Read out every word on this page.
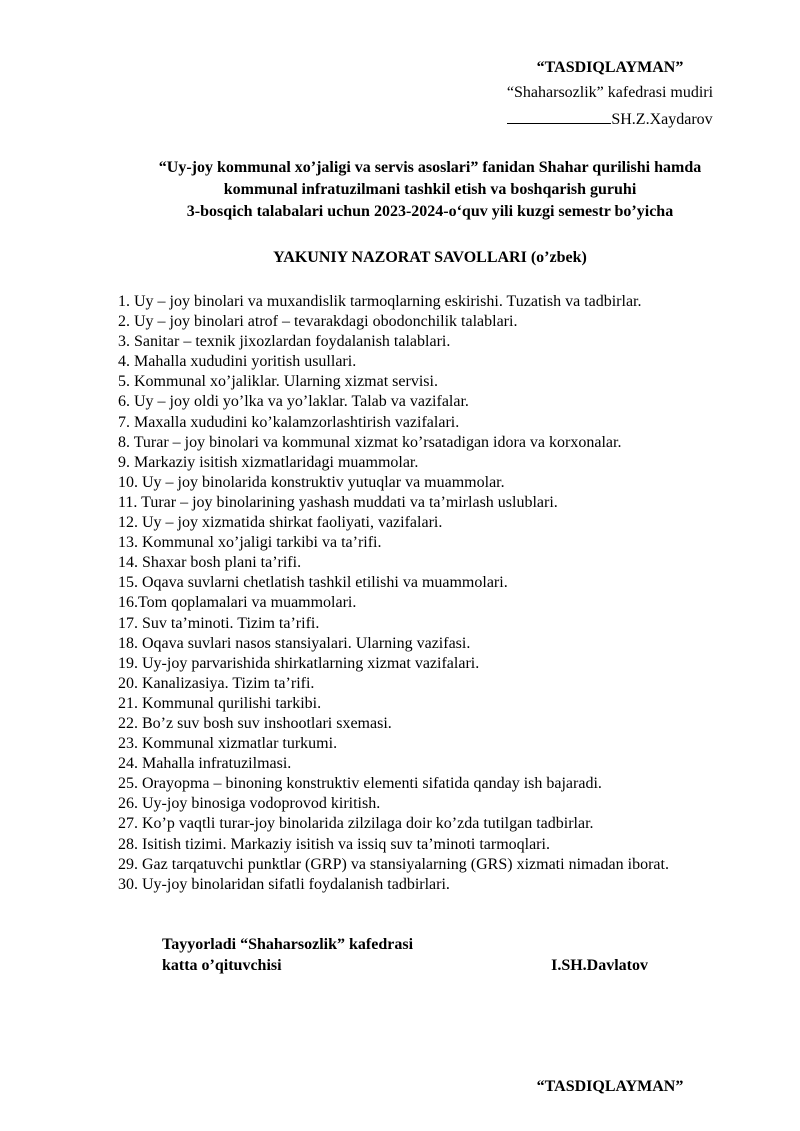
“TASDIQLAYMAN”
“Shaharsozlik” kafedrasi mudiri
SH.Z.Xaydarov
“Uy-joy kommunal xo’jaligi va servis asoslari” fanidan Shahar qurilishi hamda
kommunal infratuzilmani tashkil etish va boshqarish guruhi
3-bosqich talabalari uchun 2023-2024-o‘quv yili kuzgi semestr bo’yicha
YAKUNIY NAZORAT SAVOLLARI (o’zbek)
1. Uy – joy binolari va muxandislik tarmoqlarning eskirishi. Tuzatish va tadbirlar.
2. Uy – joy binolari atrof – tevarakdagi obodonchilik talablari.
3. Sanitar – texnik jixozlardan foydalanish talablari.
4. Mahalla xududini yoritish usullari.
5. Kommunal xo’jaliklar. Ularning xizmat servisi.
6. Uy – joy oldi yo’lka va yo’laklar. Talab va vazifalar.
7. Maxalla xududini ko’kalamzorlashtirish vazifalari.
8. Turar – joy binolari va kommunal xizmat ko’rsatadigan idora va korxonalar.
9. Markaziy isitish xizmatlaridagi muammolar.
10. Uy – joy binolarida konstruktiv yutuqlar va muammolar.
11. Turar – joy binolarining yashash muddati va ta’mirlash uslublari.
12. Uy – joy xizmatida shirkat faoliyati, vazifalari.
13. Kommunal xo’jaligi tarkibi va ta’rifi.
14. Shaxar bosh plani ta’rifi.
15. Oqava suvlarni chetlatish tashkil etilishi va muammolari.
16.Tom qoplamalari va muammolari.
17. Suv ta’minoti. Tizim ta’rifi.
18. Oqava suvlari nasos stansiyalari. Ularning vazifasi.
19. Uy-joy parvarishida shirkatlarning xizmat vazifalari.
20. Kanalizasiya. Tizim ta’rifi.
21. Kommunal qurilishi tarkibi.
22. Bo’z suv bosh suv inshootlari sxemasi.
23. Kommunal xizmatlar turkumi.
24. Mahalla infratuzilmasi.
25. Orayopma – binoning konstruktiv elementi sifatida qanday ish bajaradi.
26. Uy-joy binosiga vodoprovod kiritish.
27. Ko’p vaqtli turar-joy binolarida zilzilaga doir ko’zda tutilgan tadbirlar.
28. Isitish tizimi. Markaziy isitish va issiq suv ta’minoti tarmoqlari.
29. Gaz tarqatuvchi punktlar (GRP) va stansiyalarning (GRS) xizmati nimadan iborat.
30. Uy-joy binolaridan sifatli foydalanish tadbirlari.
Tayyorladi “Shaharsozlik” kafedrasi
katta o’qituvchisi	I.SH.Davlatov
“TASDIQLAYMAN”
